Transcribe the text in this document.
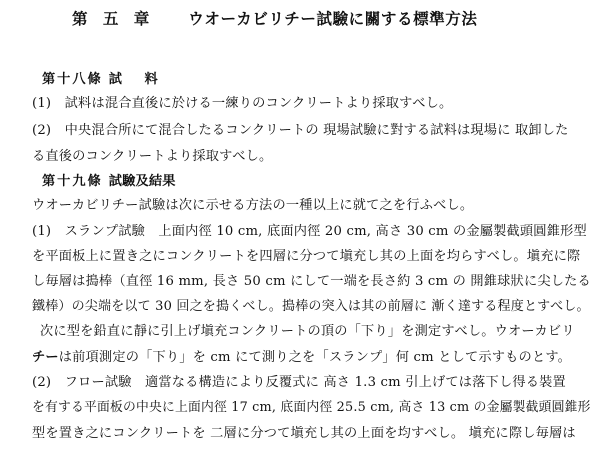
第 五 章 ウオーカビリチー試驗に關する標準方法
第十八條 試 料
(1)　試料は混合直後に於ける一練りのコンクリートより採取すべし。
(2)　中央混合所にて混合したるコンクリートの 現場試驗に對する試料は現場に 取卸した
る直後のコンクリートより採取すべし。
第十九條 試驗及結果
ウオーカビリチー試驗は次に示せる方法の一種以上に就て之を行ふべし。
(1)　スランプ試驗　上面内徑 10 cm, 底面内徑 20 cm, 高さ 30 cm の金屬製截頭圓錐形型
を平面板上に置き之にコンクリートを四層に分つて塡充し其の上面を均らすべし。塡充に際
し毎層は搗棒（直徑 16 mm, 長さ 50 cm にして一端を長さ約 3 cm の 開錐球狀に尖したる
鐵棒）の尖端を以て 30 回之を搗くべし。搗棒の突入は其の前層に 漸く達する程度とすべし。
次に型を鉛直に靜に引上げ塡充コンクリートの頂の「下り」を測定すべし。ウオーカビリ
チーは前項測定の「下り」を cm にて測り之を「スランプ」何 cm として示すものとす。
(2)　フロー試驗　適當なる構造により反覆式に 高さ 1.3 cm 引上げては落下し得る裝置
を有する平面板の中央に上面内徑 17 cm, 底面内徑 25.5 cm, 高さ 13 cm の金屬製截頭圓錐形
型を置き之にコンクリートを 二層に分つて塡充し其の上面を均すべし。 塡充に際し毎層は
